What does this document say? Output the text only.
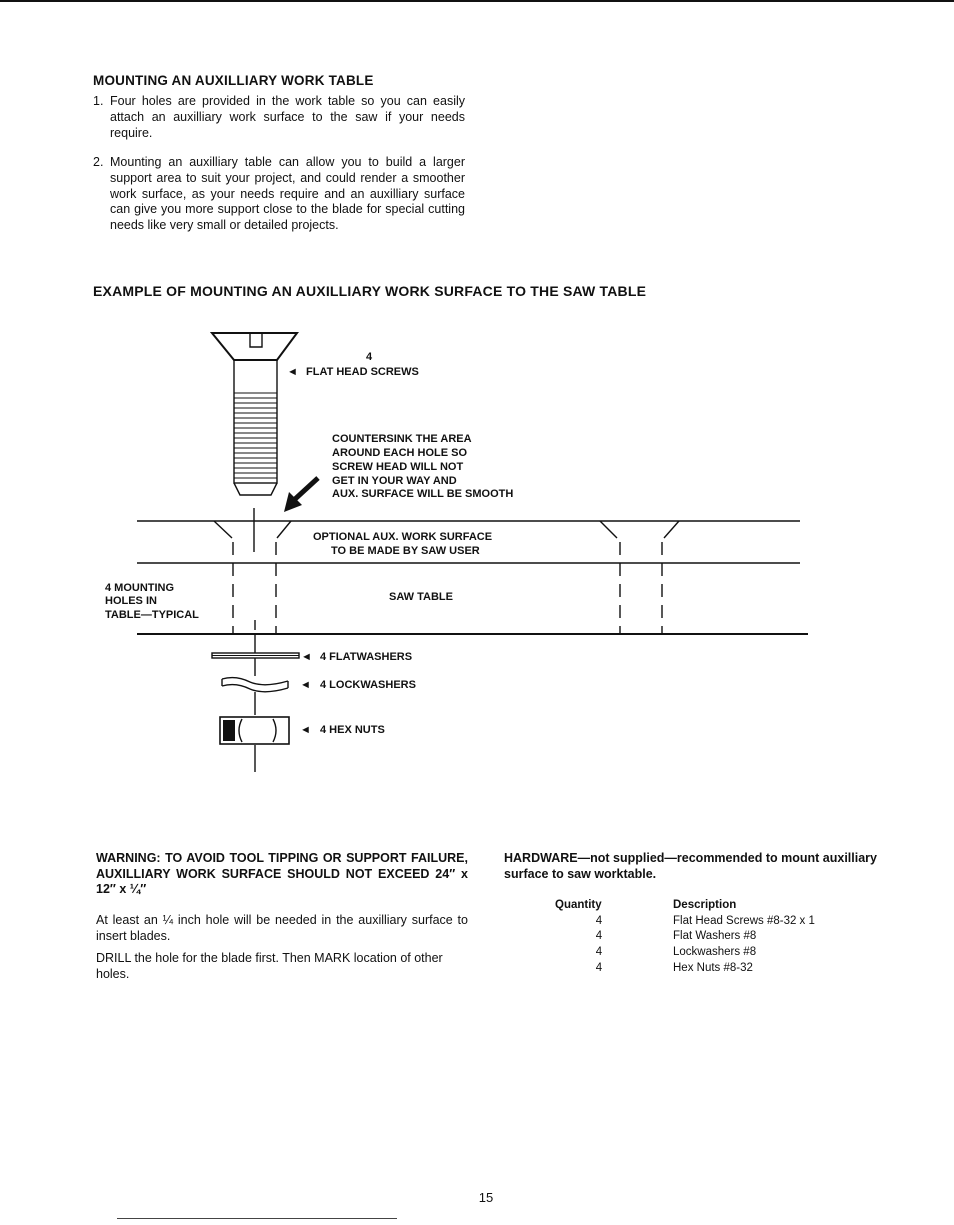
MOUNTING AN AUXILLIARY WORK TABLE
1. Four holes are provided in the work table so you can easily attach an auxilliary work surface to the saw if your needs require.
2. Mounting an auxilliary table can allow you to build a larger support area to suit your project, and could render a smoother work surface, as your needs require and an auxilliary surface can give you more support close to the blade for special cutting needs like very small or detailed projects.
EXAMPLE OF MOUNTING AN AUXILLIARY WORK SURFACE TO THE SAW TABLE
4
◄ FLAT HEAD SCREWS
COUNTERSINK THE AREA
AROUND EACH HOLE SO
SCREW HEAD WILL NOT
GET IN YOUR WAY AND
AUX. SURFACE WILL BE SMOOTH
OPTIONAL AUX. WORK SURFACE
TO BE MADE BY SAW USER
SAW TABLE
4 MOUNTING
HOLES IN
TABLE—TYPICAL
◄ 4 FLATWASHERS
◄ 4 LOCKWASHERS
◄ 4 HEX NUTS

WARNING: TO AVOID TOOL TIPPING OR SUPPORT FAILURE, AUXILLIARY WORK SURFACE SHOULD NOT EXCEED 24″ x 12″ x ¼″

At least an ¼ inch hole will be needed in the auxilliary surface to insert blades.

DRILL the hole for the blade first. Then MARK location of other holes.

HARDWARE—not supplied—recommended to mount auxilliary surface to saw worktable.

Quantity	Description
4	Flat Head Screws #8-32 x 1
4	Flat Washers #8
4	Lockwashers #8
4	Hex Nuts #8-32
15
